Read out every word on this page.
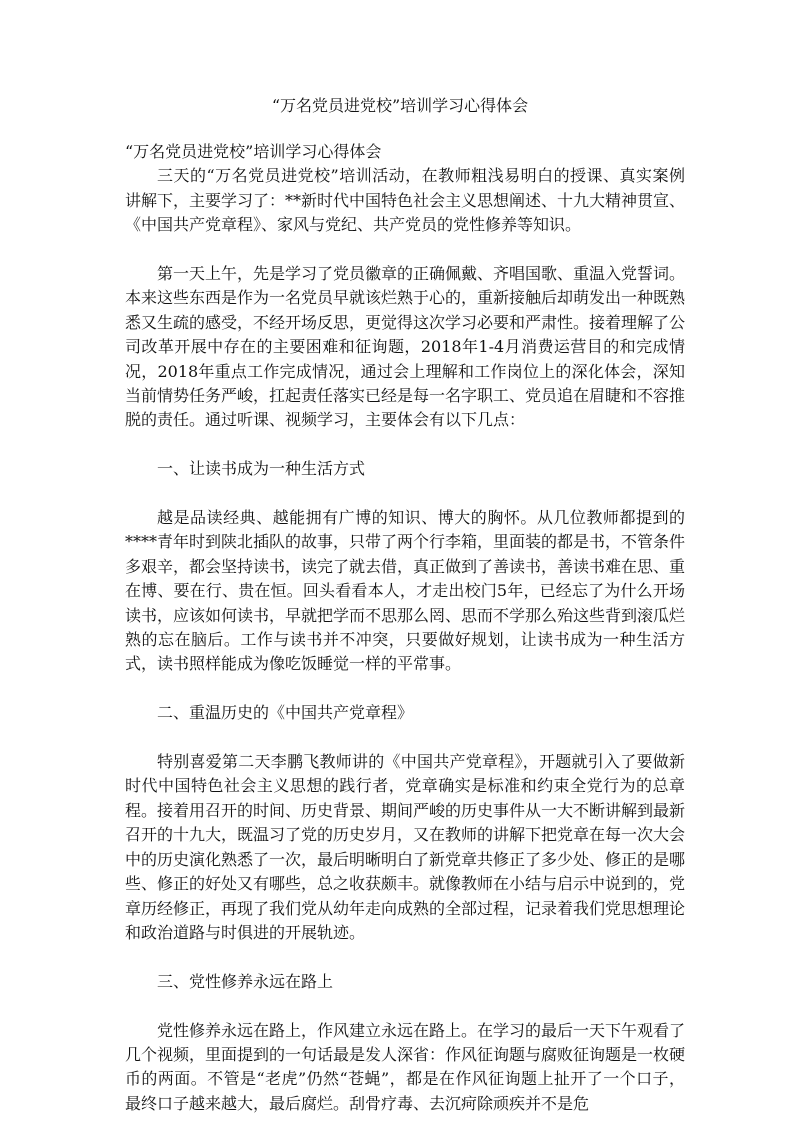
“万名党员进党校”培训学习心得体会

“万名党员进党校”培训学习心得体会

三天的“万名党员进党校”培训活动，在教师粗浅易明白的授课、真实案例讲解下，主要学习了：**新时代中国特色社会主义思想阐述、十九大精神贯宣、《中国共产党章程》、家风与党纪、共产党员的党性修养等知识。

第一天上午，先是学习了党员徽章的正确佩戴、齐唱国歌、重温入党誓词。本来这些东西是作为一名党员早就该烂熟于心的，重新接触后却萌发出一种既熟悉又生疏的感受，不经开场反思，更觉得这次学习必要和严肃性。接着理解了公司改革开展中存在的主要困难和征询题，2018年1-4月消费运营目的和完成情况，2018年重点工作完成情况，通过会上理解和工作岗位上的深化体会，深知当前情势任务严峻，扛起责任落实已经是每一名字职工、党员追在眉睫和不容推脱的责任。通过听课、视频学习，主要体会有以下几点：

一、让读书成为一种生活方式

越是品读经典、越能拥有广博的知识、博大的胸怀。从几位教师都提到的****青年时到陕北插队的故事，只带了两个行李箱，里面装的都是书，不管条件多艰辛，都会坚持读书，读完了就去借，真正做到了善读书，善读书难在思、重在博、要在行、贵在恒。回头看看本人，才走出校门5年，已经忘了为什么开场读书，应该如何读书，早就把学而不思那么罔、思而不学那么殆这些背到滚瓜烂熟的忘在脑后。工作与读书并不冲突，只要做好规划，让读书成为一种生活方式，读书照样能成为像吃饭睡觉一样的平常事。

二、重温历史的《中国共产党章程》

特别喜爱第二天李鹏飞教师讲的《中国共产党章程》，开题就引入了要做新时代中国特色社会主义思想的践行者，党章确实是标准和约束全党行为的总章程。接着用召开的时间、历史背景、期间严峻的历史事件从一大不断讲解到最新召开的十九大，既温习了党的历史岁月，又在教师的讲解下把党章在每一次大会中的历史演化熟悉了一次，最后明晰明白了新党章共修正了多少处、修正的是哪些、修正的好处又有哪些，总之收获颇丰。就像教师在小结与启示中说到的，党章历经修正，再现了我们党从幼年走向成熟的全部过程，记录着我们党思想理论和政治道路与时俱进的开展轨迹。

三、党性修养永远在路上

党性修养永远在路上，作风建立永远在路上。在学习的最后一天下午观看了几个视频，里面提到的一句话最是发人深省：作风征询题与腐败征询题是一枚硬币的两面。不管是“老虎”仍然“苍蝇”，都是在作风征询题上扯开了一个口子，最终口子越来越大，最后腐烂。刮骨疗毒、去沉疴除顽疾并不是危
